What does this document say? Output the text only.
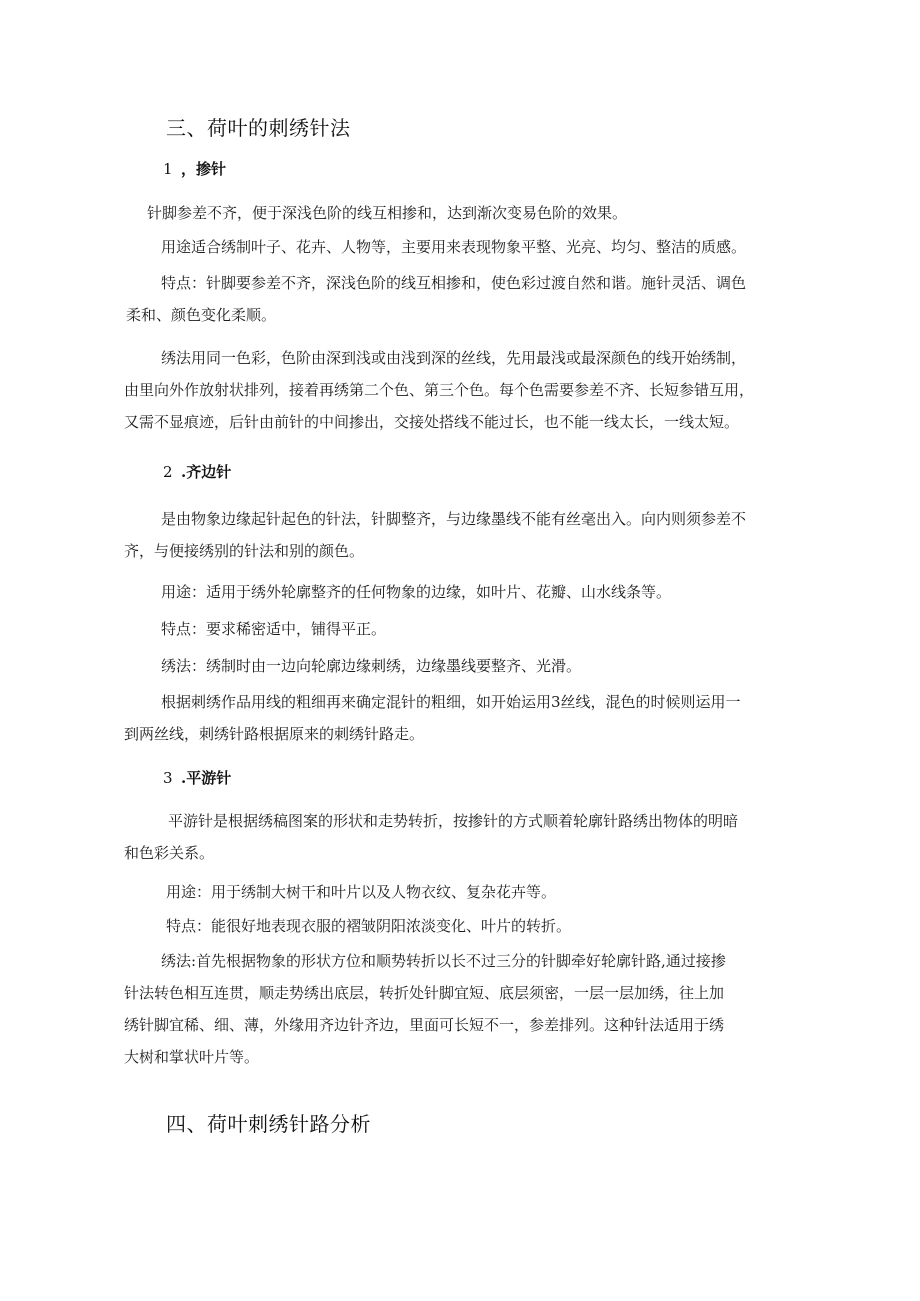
三、荷叶的刺绣针法
1 ，掺针
针脚参差不齐，便于深浅色阶的线互相掺和，达到渐次变易色阶的效果。
用途适合绣制叶子、花卉、人物等，主要用来表现物象平整、光亮、均匀、整洁的质感。
特点：针脚要参差不齐，深浅色阶的线互相掺和，使色彩过渡自然和谐。施针灵活、调色
柔和、颜色变化柔顺。
绣法用同一色彩，色阶由深到浅或由浅到深的丝线，先用最浅或最深颜色的线开始绣制，
由里向外作放射状排列，接着再绣第二个色、第三个色。每个色需要参差不齐、长短参错互用，
又需不显痕迹，后针由前针的中间掺出，交接处搭线不能过长，也不能一线太长，一线太短。
2 .齐边针
是由物象边缘起针起色的针法，针脚整齐，与边缘墨线不能有丝毫出入。向内则须参差不
齐，与便接绣别的针法和别的颜色。
用途：适用于绣外轮廓整齐的任何物象的边缘，如叶片、花瓣、山水线条等。
特点：要求稀密适中，铺得平正。
绣法：绣制时由一边向轮廓边缘刺绣，边缘墨线要整齐、光滑。
根据刺绣作品用线的粗细再来确定混针的粗细，如开始运用3丝线，混色的时候则运用一
到两丝线，刺绣针路根据原来的刺绣针路走。
3 .平游针
平游针是根据绣稿图案的形状和走势转折，按掺针的方式顺着轮廓针路绣出物体的明暗
和色彩关系。
用途：用于绣制大树干和叶片以及人物衣纹、复杂花卉等。
特点：能很好地表现衣服的褶皱阴阳浓淡变化、叶片的转折。
绣法:首先根据物象的形状方位和顺势转折以长不过三分的针脚牵好轮廓针路,通过接掺
针法转色相互连贯，顺走势绣出底层，转折处针脚宜短、底层须密，一层一层加绣，往上加
绣针脚宜稀、细、薄，外缘用齐边针齐边，里面可长短不一，参差排列。这种针法适用于绣
大树和掌状叶片等。
四、荷叶刺绣针路分析
